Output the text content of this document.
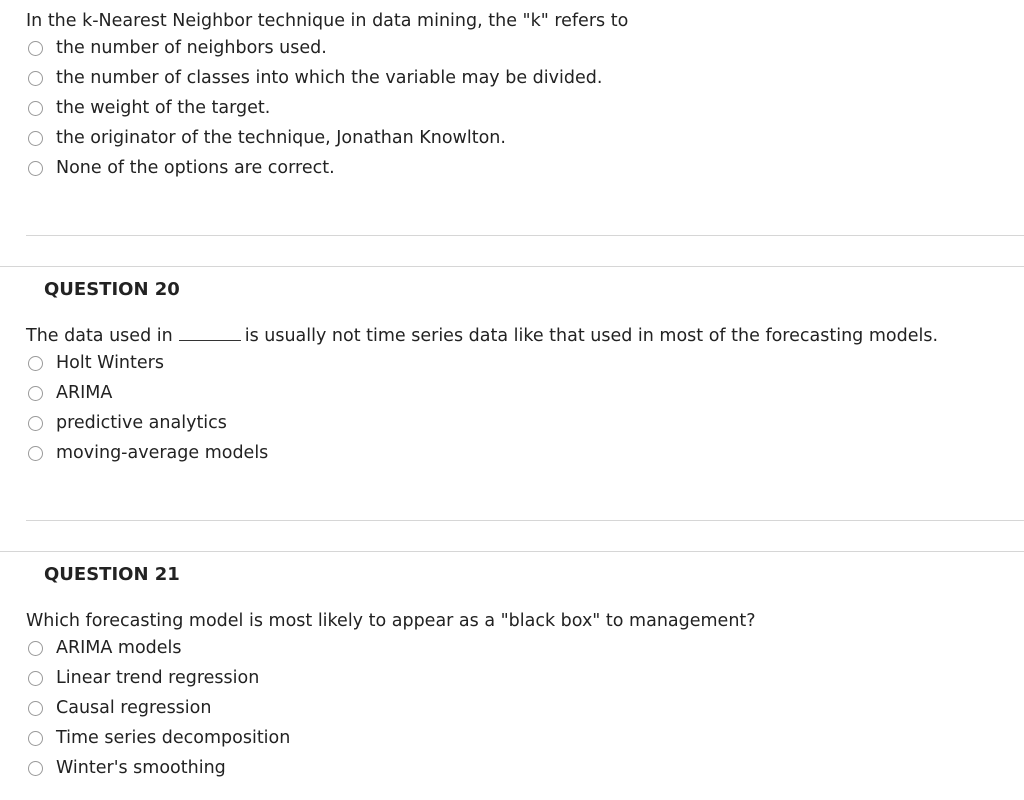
In the k-Nearest Neighbor technique in data mining, the "k" refers to
the number of neighbors used.
the number of classes into which the variable may be divided.
the weight of the target.
the originator of the technique, Jonathan Knowlton.
None of the options are correct.
QUESTION 20
The data used in	is usually not time series data like that used in most of the forecasting models.
Holt Winters
ARIMA
predictive analytics
moving-average models
QUESTION 21
Which forecasting model is most likely to appear as a "black box" to management?
ARIMA models
Linear trend regression
Causal regression
Time series decomposition
Winter's smoothing
